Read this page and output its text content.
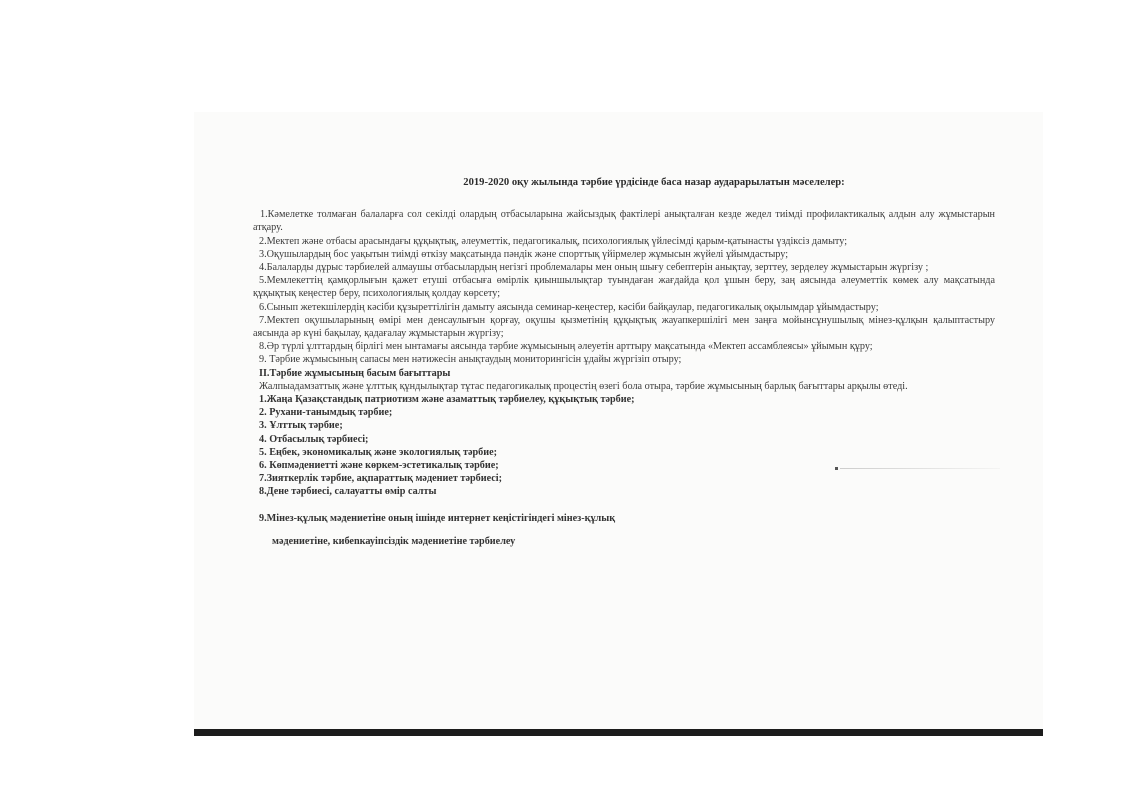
2019-2020 оқу жылында тәрбие үрдісінде баса назар аударарылатын мәселелер:

1.Кәмелетке толмаған балаларға сол секілді олардың отбасыларына жайсыздық фактілері анықталған кезде жедел тиімді профилактикалық алдын алу жұмыстарын атқару.

2.Мектеп және отбасы арасындағы құқықтық, әлеуметтік, педагогикалық, психологиялық үйлесімді қарым-қатынасты үздіксіз дамыту;

3.Оқушылардың бос уақытын тиімді өткізу мақсатында пәндік және спорттық үйірмелер жұмысын жүйелі ұйымдастыру;

4.Балаларды дұрыс тәрбиелей алмаушы отбасылардың негізгі проблемалары мен оның шығу себептерін анықтау, зерттеу, зерделеу жұмыстарын жүргізу ;

5.Мемлекеттің қамқорлығын қажет етуші отбасыға өмірлік қиыншылықтар туындаған жағдайда қол ұшын беру, заң аясында әлеуметтік көмек алу мақсатында құқықтық кеңестер беру, психологиялық қолдау көрсету;

6.Сынып жетекшілердің кәсіби құзыреттілігін дамыту аясында семинар-кеңестер, кәсіби байқаулар, педагогикалық оқылымдар ұйымдастыру;

7.Мектеп оқушыларының өмірі мен денсаулығын қорғау, оқушы қызметінің құқықтық жауапкершілігі мен заңға мойынсұнушылық мінез-құлқын қалыптастыру аясында әр күні бақылау, қадағалау жұмыстарын жүргізу;

8.Әр түрлі ұлттардың бірлігі мен ынтамағы аясында тәрбие жұмысының әлеуетін арттыру мақсатында «Мектеп ассамблеясы» ұйымын құру;

9. Тәрбие жұмысының сапасы мен нәтижесін анықтаудың мониторингісін ұдайы жүргізіп отыру;

II.Тәрбие жұмысының басым бағыттары

Жалпыадамзаттық және ұлттық құндылықтар тұтас педагогикалық процестің өзегі бола отыра, тәрбие жұмысының барлық бағыттары арқылы өтеді.

1.Жаңа Қазақстандық патриотизм және азаматтық тәрбиелеу, құқықтық тәрбие;
2. Рухани-танымдық тәрбие;
3. Ұлттық тәрбие;
4. Отбасылық тәрбиесі;
5. Еңбек, экономикалық және экологиялық тәрбие;
6. Көпмәдениетті және көркем-эстетикалық тәрбие;
7.Зияткерлік тәрбие, ақпараттық мәдениет тәрбиесі;
8.Дене тәрбиесі, салауатты өмір салты
9.Мінез-құлық мәдениетіне оның ішінде интернет кеңістігіндегі мінез-құлық
мәдениетіне, кибеnкауіпсіздік мәдениетіне тәрбиелеу
